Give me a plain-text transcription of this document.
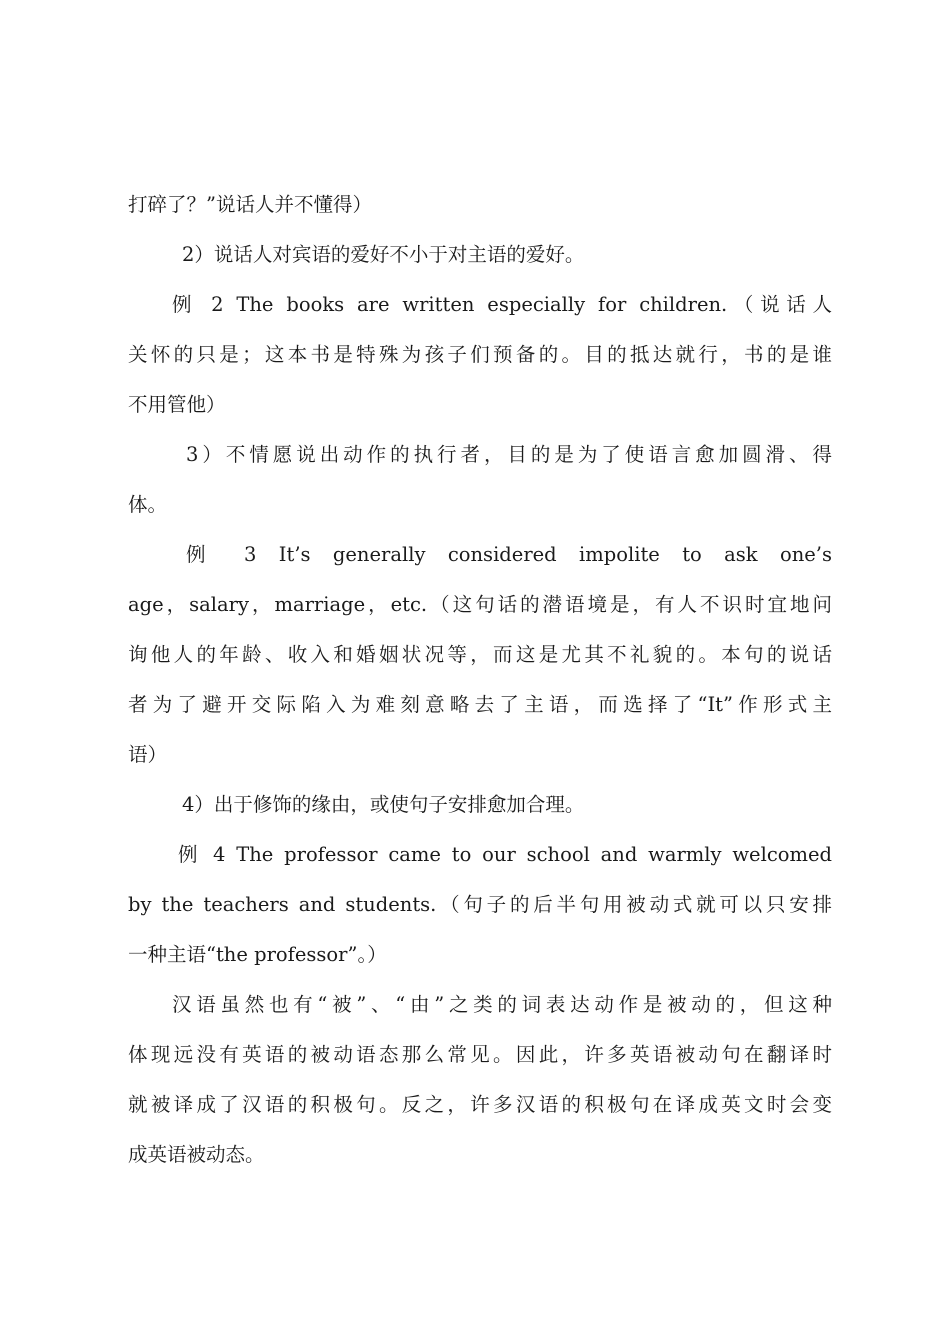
打碎了？”说话人并不懂得）
2）说话人对宾语的爱好不小于对主语的爱好。
例 2 The books are written especially for children.（说话人
关怀的只是；这本书是特殊为孩子们预备的。目的抵达就行，书的是谁
不用管他）
3）不情愿说出动作的执行者，目的是为了使语言愈加圆滑、得
体。
例 3 It’s generally considered impolite to ask one’s
age，salary，marriage，etc.（这句话的潜语境是，有人不识时宜地问
询他人的年龄、收入和婚姻状况等，而这是尤其不礼貌的。本句的说话
者为了避开交际陷入为难刻意略去了主语，而选择了“It”作形式主
语）
4）出于修饰的缘由，或使句子安排愈加合理。
例 4 The professor came to our school and warmly welcomed
by the teachers and students.（句子的后半句用被动式就可以只安排
一种主语“the professor”。）
汉语虽然也有“被”、“由”之类的词表达动作是被动的，但这种
体现远没有英语的被动语态那么常见。因此，许多英语被动句在翻译时
就被译成了汉语的积极句。反之，许多汉语的积极句在译成英文时会变
成英语被动态。
